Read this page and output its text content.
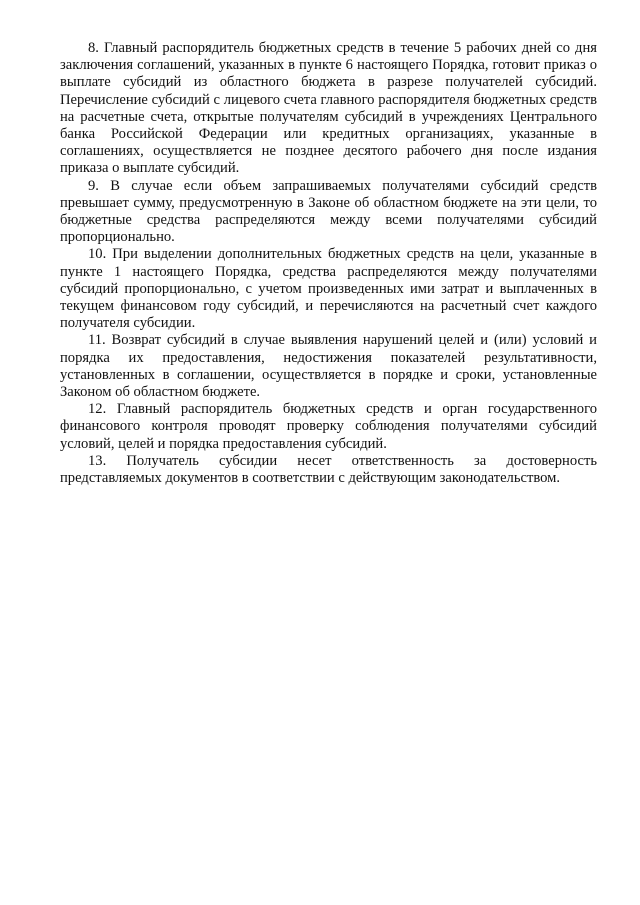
8. Главный распорядитель бюджетных средств в течение 5 рабочих дней со дня заключения соглашений, указанных в пункте 6 настоящего Порядка, готовит приказ о выплате субсидий из областного бюджета в разрезе получателей субсидий. Перечисление субсидий с лицевого счета главного распорядителя бюджетных средств на расчетные счета, открытые получателям субсидий в учреждениях Центрального банка Российской Федерации или кредитных организациях, указанные в соглашениях, осуществляется не позднее десятого рабочего дня после издания приказа о выплате субсидий.

9. В случае если объем запрашиваемых получателями субсидий средств превышает сумму, предусмотренную в Законе об областном бюджете на эти цели, то бюджетные средства распределяются между всеми получателями субсидий пропорционально.

10. При выделении дополнительных бюджетных средств на цели, указанные в пункте 1 настоящего Порядка, средства распределяются между получателями субсидий пропорционально, с учетом произведенных ими затрат и выплаченных в текущем финансовом году субсидий, и перечисляются на расчетный счет каждого получателя субсидии.

11. Возврат субсидий в случае выявления нарушений целей и (или) условий и порядка их предоставления, недостижения показателей результативности, установленных в соглашении, осуществляется в порядке и сроки, установленные Законом об областном бюджете.

12. Главный распорядитель бюджетных средств и орган государственного финансового контроля проводят проверку соблюдения получателями субсидий условий, целей и порядка предоставления субсидий.

13. Получатель субсидии несет ответственность за достоверность представляемых документов в соответствии с действующим законодательством.
